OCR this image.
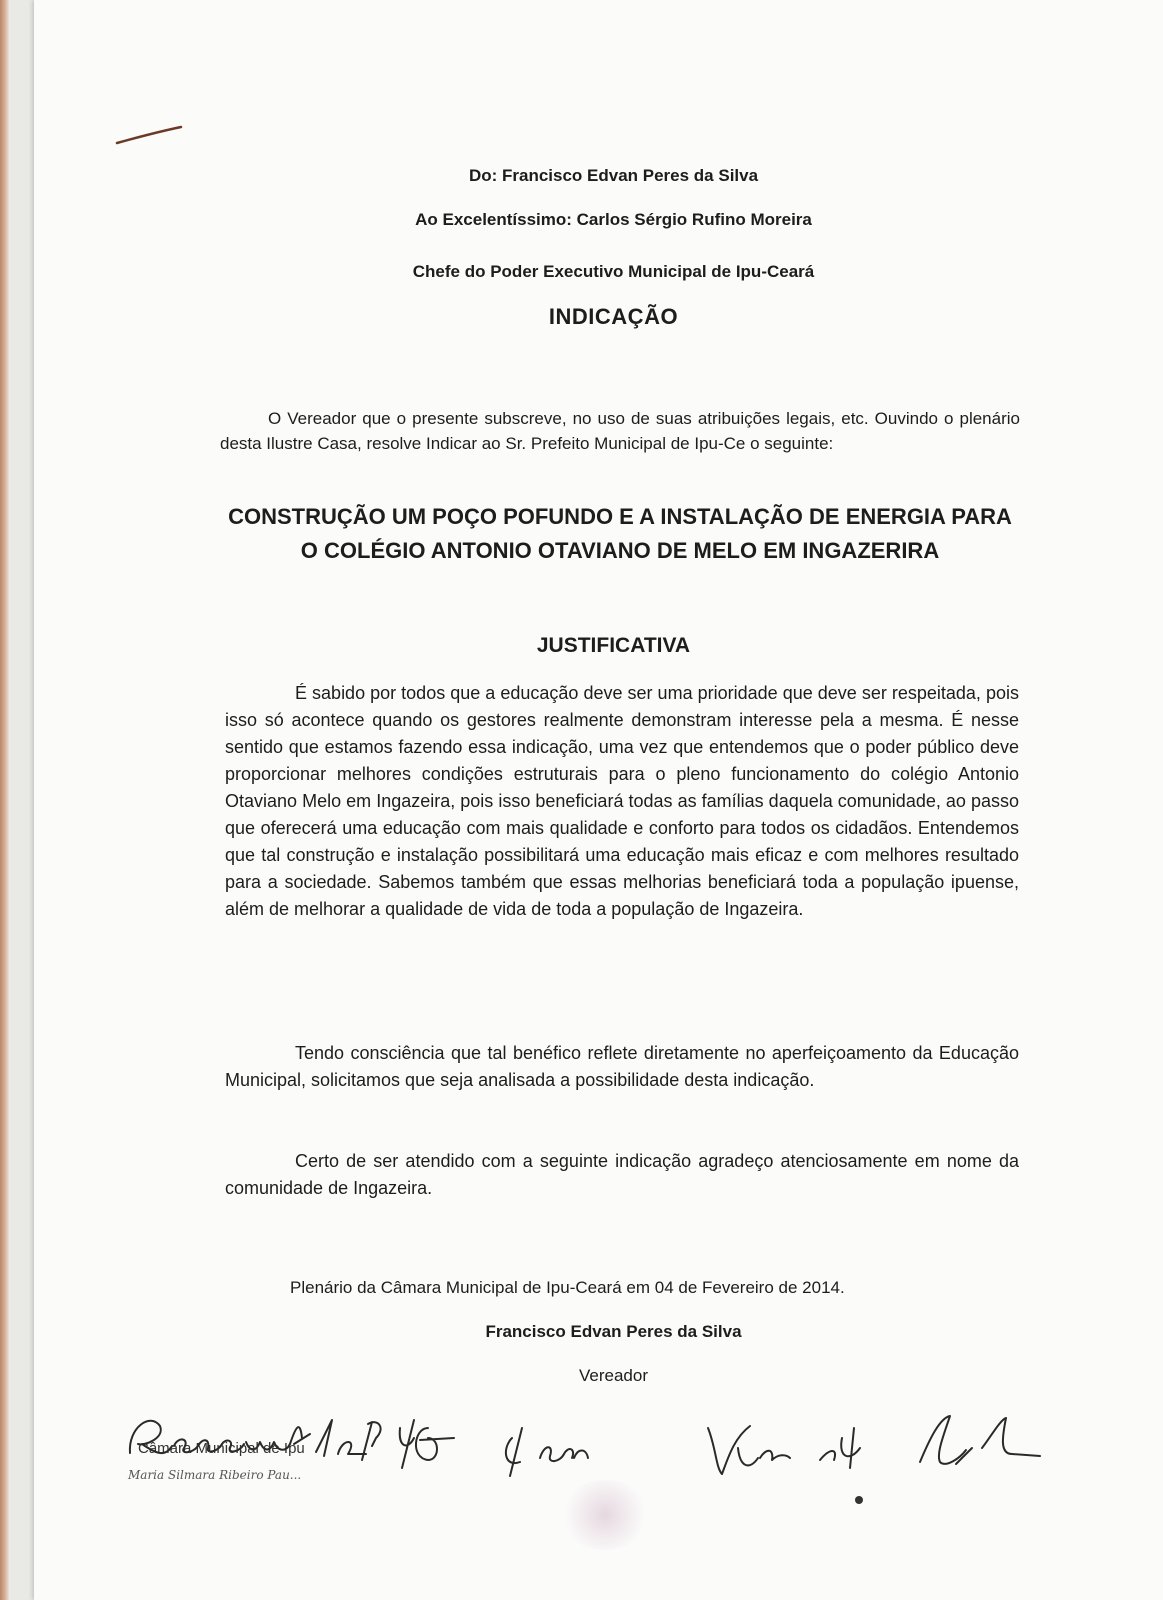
Do: Francisco Edvan Peres da Silva

Ao Excelentíssimo: Carlos Sérgio Rufino Moreira

Chefe do Poder Executivo Municipal de Ipu-Ceará

INDICAÇÃO

O Vereador que o presente subscreve, no uso de suas atribuições legais, etc. Ouvindo o plenário desta Ilustre Casa, resolve Indicar ao Sr. Prefeito Municipal de Ipu-Ce o seguinte:

CONSTRUÇÃO UM POÇO POFUNDO E A INSTALAÇÃO DE ENERGIA PARA O COLÉGIO ANTONIO OTAVIANO DE MELO EM INGAZERIRA

JUSTIFICATIVA

É sabido por todos que a educação deve ser uma prioridade que deve ser respeitada, pois isso só acontece quando os gestores realmente demonstram interesse pela a mesma. É nesse sentido que estamos fazendo essa indicação, uma vez que entendemos que o poder público deve proporcionar melhores condições estruturais para o pleno funcionamento do colégio Antonio Otaviano Melo em Ingazeira, pois isso beneficiará todas as famílias daquela comunidade, ao passo que oferecerá uma educação com mais qualidade e conforto para todos os cidadãos. Entendemos que tal construção e instalação possibilitará uma educação mais eficaz e com melhores resultado para a sociedade. Sabemos também que essas melhorias beneficiará toda a população ipuense, além de melhorar a qualidade de vida de toda a população de Ingazeira.

Tendo consciência que tal benéfico reflete diretamente no aperfeiçoamento da Educação Municipal, solicitamos que seja analisada a possibilidade desta indicação.

Certo de ser atendido com a seguinte indicação agradeço atenciosamente em nome da comunidade de Ingazeira.

Plenário da Câmara Municipal de Ipu-Ceará em 04 de Fevereiro de 2014.

Francisco Edvan Peres da Silva

Vereador

Câmara Municipal de Ipu

Maria Silmara Ribeiro Pau...
